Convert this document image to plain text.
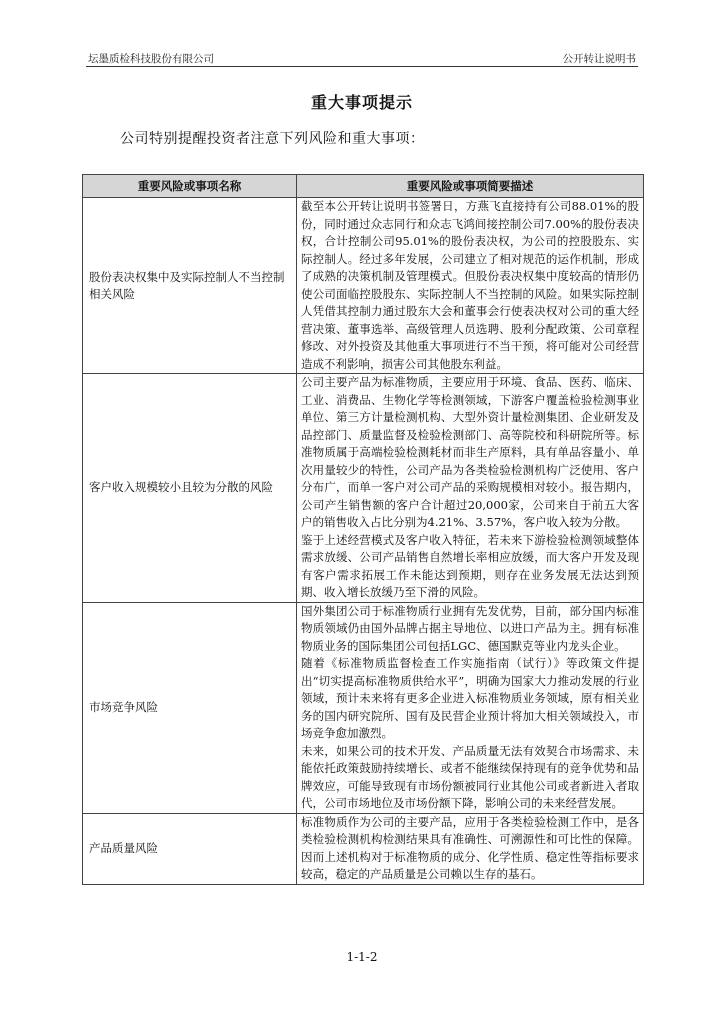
坛墨质检科技股份有限公司	公开转让说明书
重大事项提示
公司特别提醒投资者注意下列风险和重大事项：
重要风险或事项名称	重要风险或事项简要描述
股份表决权集中及实际控制人不当控制相关风险	截至本公开转让说明书签署日，方燕飞直接持有公司88.01%的股份，同时通过众志同行和众志飞鸿间接控制公司7.00%的股份表决权，合计控制公司95.01%的股份表决权，为公司的控股股东、实际控制人。经过多年发展，公司建立了相对规范的运作机制，形成了成熟的决策机制及管理模式。但股份表决权集中度较高的情形仍使公司面临控股股东、实际控制人不当控制的风险。如果实际控制人凭借其控制力通过股东大会和董事会行使表决权对公司的重大经营决策、董事选举、高级管理人员选聘、股利分配政策、公司章程修改、对外投资及其他重大事项进行不当干预，将可能对公司经营造成不利影响，损害公司其他股东利益。

客户收入规模较小且较为分散的风险	公司主要产品为标准物质，主要应用于环境、食品、医药、临床、工业、消费品、生物化学等检测领域，下游客户覆盖检验检测事业单位、第三方计量检测机构、大型外资计量检测集团、企业研发及品控部门、质量监督及检验检测部门、高等院校和科研院所等。标准物质属于高端检验检测耗材而非生产原料，具有单品容量小、单次用量较少的特性，公司产品为各类检验检测机构广泛使用、客户分布广，而单一客户对公司产品的采购规模相对较小。报告期内，公司产生销售额的客户合计超过20,000家，公司来自于前五大客户的销售收入占比分别为4.21%、3.57%，客户收入较为分散。

鉴于上述经营模式及客户收入特征，若未来下游检验检测领域整体需求放缓、公司产品销售自然增长率相应放缓，而大客户开发及现有客户需求拓展工作未能达到预期，则存在业务发展无法达到预期、收入增长放缓乃至下滑的风险。

市场竞争风险	国外集团公司于标准物质行业拥有先发优势，目前，部分国内标准物质领域仍由国外品牌占据主导地位、以进口产品为主。拥有标准物质业务的国际集团公司包括LGC、德国默克等业内龙头企业。

随着《标准物质监督检查工作实施指南（试行）》等政策文件提出“切实提高标准物质供给水平”，明确为国家大力推动发展的行业领域，预计未来将有更多企业进入标准物质业务领域，原有相关业务的国内研究院所、国有及民营企业预计将加大相关领域投入，市场竞争愈加激烈。

未来，如果公司的技术开发、产品质量无法有效契合市场需求、未能依托政策鼓励持续增长、或者不能继续保持现有的竞争优势和品牌效应，可能导致现有市场份额被同行业其他公司或者新进入者取代，公司市场地位及市场份额下降，影响公司的未来经营发展。

产品质量风险	标准物质作为公司的主要产品，应用于各类检验检测工作中，是各类检验检测机构检测结果具有准确性、可溯源性和可比性的保障。因而上述机构对于标准物质的成分、化学性质、稳定性等指标要求较高，稳定的产品质量是公司赖以生存的基石。

1-1-2
